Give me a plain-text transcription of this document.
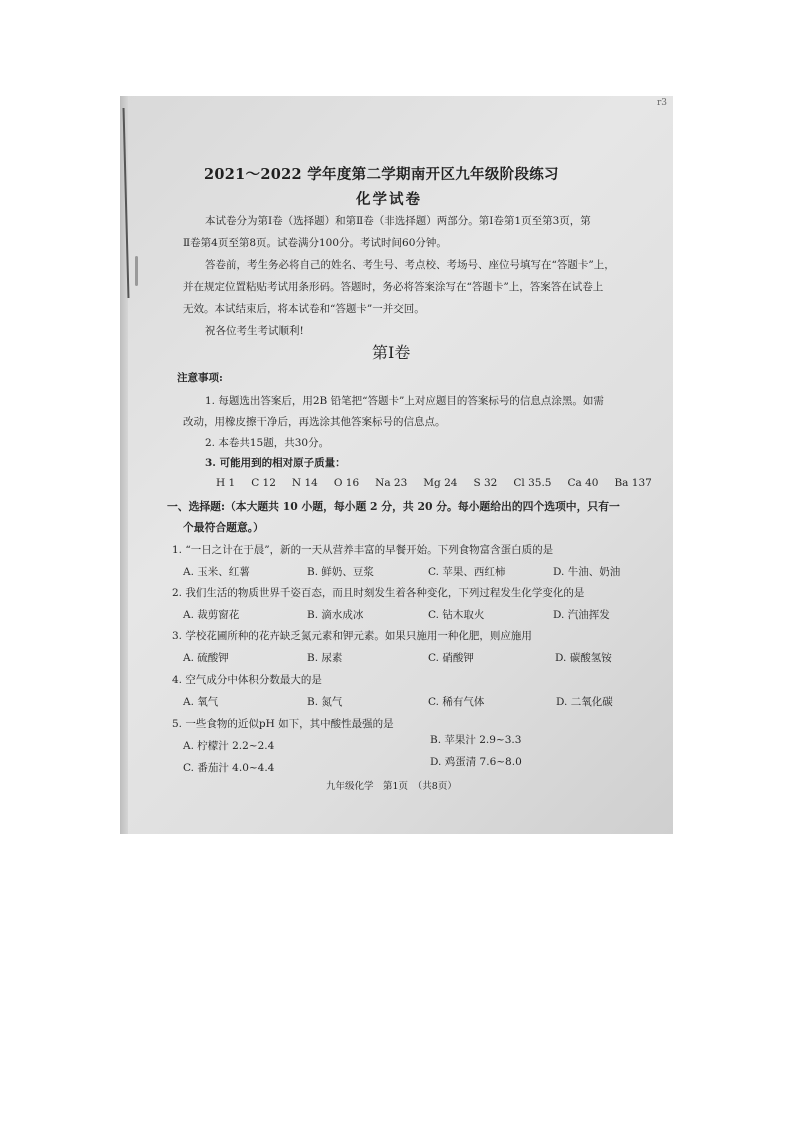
r3
2021～2022 学年度第二学期南开区九年级阶段练习
化学试卷
本试卷分为第Ⅰ卷（选择题）和第Ⅱ卷（非选择题）两部分。第Ⅰ卷第1页至第3页，第
Ⅱ卷第4页至第8页。试卷满分100分。考试时间60分钟。
答卷前，考生务必将自己的姓名、考生号、考点校、考场号、座位号填写在“答题卡”上，
并在规定位置粘贴考试用条形码。答题时，务必将答案涂写在“答题卡”上，答案答在试卷上
无效。本试结束后，将本试卷和“答题卡”一并交回。
祝各位考生考试顺利!
第Ⅰ卷
注意事项:
1. 每题选出答案后，用2B 铅笔把“答题卡”上对应题目的答案标号的信息点涂黑。如需
改动，用橡皮擦干净后，再选涂其他答案标号的信息点。
2. 本卷共15题，共30分。
3. 可能用到的相对原子质量：
H 1 C 12 N 14 O 16 Na 23 Mg 24 S 32 Cl 35.5 Ca 40 Ba 137
一、选择题:（本大题共 10 小题，每小题 2 分，共 20 分。每小题给出的四个选项中，只有一
个最符合题意。）
1. “一日之计在于晨”，新的一天从营养丰富的早餐开始。下列食物富含蛋白质的是
A. 玉米、红薯	B. 鲜奶、豆浆	C. 苹果、西红柿	D. 牛油、奶油
2. 我们生活的物质世界千姿百态，而且时刻发生着各种变化，下列过程发生化学变化的是
A. 裁剪窗花	B. 滴水成冰	C. 钻木取火	D. 汽油挥发
3. 学校花圃所种的花卉缺乏氮元素和钾元素。如果只施用一种化肥，则应施用
A. 硫酸钾	B. 尿素	C. 硝酸钾	D. 碳酸氢铵
4. 空气成分中体积分数最大的是
A. 氧气	B. 氮气	C. 稀有气体	D. 二氧化碳
5. 一些食物的近似pH 如下，其中酸性最强的是
A. 柠檬汁 2.2~2.4	B. 苹果汁 2.9~3.3
C. 番茄汁 4.0~4.4	D. 鸡蛋清 7.6~8.0
九年级化学　第1页　（共8页）
